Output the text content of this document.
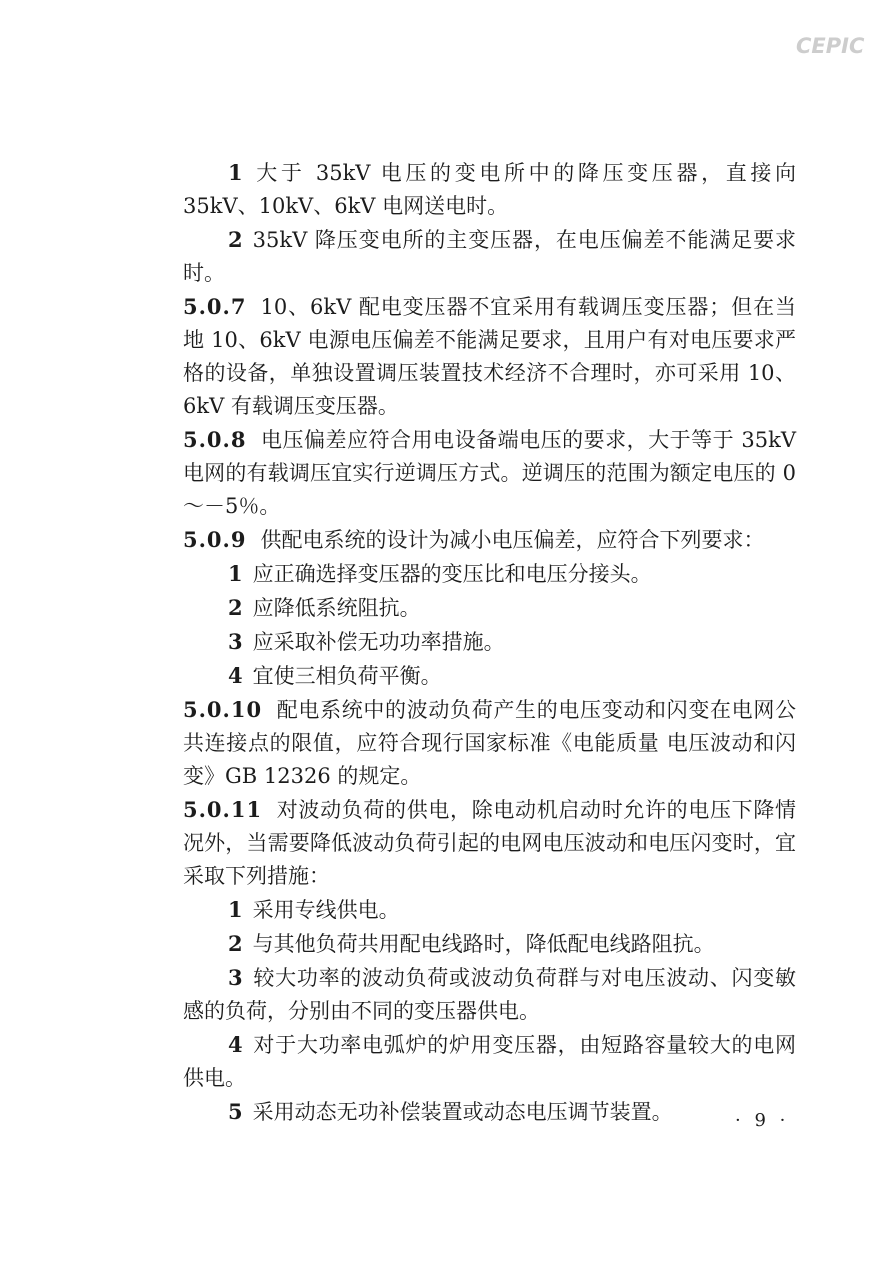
CEPIC

1 大于 35kV 电压的变电所中的降压变压器，直接向 35kV、10kV、6kV 电网送电时。

2 35kV 降压变电所的主变压器，在电压偏差不能满足要求时。

5.0.7 10、6kV 配电变压器不宜采用有载调压变压器；但在当地 10、6kV 电源电压偏差不能满足要求，且用户有对电压要求严格的设备，单独设置调压装置技术经济不合理时，亦可采用 10、6kV 有载调压变压器。

5.0.8 电压偏差应符合用电设备端电压的要求，大于等于 35kV 电网的有载调压宜实行逆调压方式。逆调压的范围为额定电压的 0～－5％。

5.0.9 供配电系统的设计为减小电压偏差，应符合下列要求：

1 应正确选择变压器的变压比和电压分接头。

2 应降低系统阻抗。

3 应采取补偿无功功率措施。

4 宜使三相负荷平衡。

5.0.10 配电系统中的波动负荷产生的电压变动和闪变在电网公共连接点的限值，应符合现行国家标准《电能质量 电压波动和闪变》GB 12326 的规定。

5.0.11 对波动负荷的供电，除电动机启动时允许的电压下降情况外，当需要降低波动负荷引起的电网电压波动和电压闪变时，宜采取下列措施：

1 采用专线供电。

2 与其他负荷共用配电线路时，降低配电线路阻抗。

3 较大功率的波动负荷或波动负荷群与对电压波动、闪变敏感的负荷，分别由不同的变压器供电。

4 对于大功率电弧炉的炉用变压器，由短路容量较大的电网供电。

5 采用动态无功补偿装置或动态电压调节装置。	· 9 ·
